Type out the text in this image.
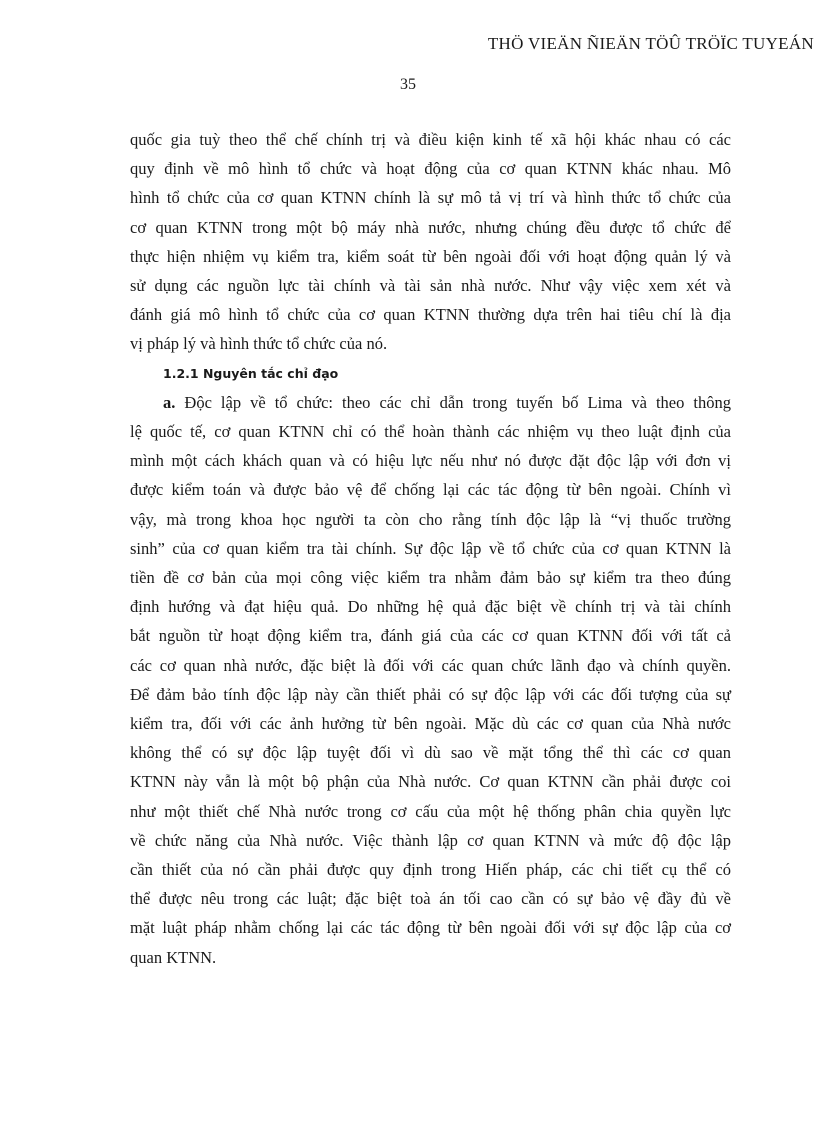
THÖ VIEÄN ÑIEÄN TÖÛ TRÖÏC TUYEÁN
35
quốc gia tuỳ theo thể chế chính trị và điều kiện kinh tế xã hội khác nhau có các
quy định về mô hình tổ chức và hoạt động của cơ quan KTNN khác nhau. Mô
hình tổ chức của cơ quan KTNN chính là sự mô tả vị trí và hình thức tổ chức của
cơ quan KTNN trong một bộ máy nhà nước, nhưng chúng đều được tổ chức để
thực hiện nhiệm vụ kiểm tra, kiểm soát từ bên ngoài đối với hoạt động quản lý và
sử dụng các nguồn lực tài chính và tài sản nhà nước. Như vậy việc xem xét và
đánh giá mô hình tổ chức của cơ quan KTNN thường dựa trên hai tiêu chí là địa
vị pháp lý và hình thức tổ chức của nó.
1.2.1 Nguyên tắc chỉ đạo
a. Độc lập về tổ chức: theo các chỉ dẫn trong tuyến bố Lima và theo thông
lệ quốc tế, cơ quan KTNN chỉ có thể hoàn thành các nhiệm vụ theo luật định của
mình một cách khách quan và có hiệu lực nếu như nó được đặt độc lập với đơn vị
được kiểm toán và được bảo vệ để chống lại các tác động từ bên ngoài. Chính vì
vậy, mà trong khoa học người ta còn cho rằng tính độc lập là “vị thuốc trường
sinh” của cơ quan kiểm tra tài chính. Sự độc lập về tổ chức của cơ quan KTNN là
tiền đề cơ bản của mọi công việc kiểm tra nhằm đảm bảo sự kiểm tra theo đúng
định hướng và đạt hiệu quả. Do những hệ quả đặc biệt về chính trị và tài chính
bắt nguồn từ hoạt động kiểm tra, đánh giá của các cơ quan KTNN đối với tất cả
các cơ quan nhà nước, đặc biệt là đối với các quan chức lãnh đạo và chính quyền.
Để đảm bảo tính độc lập này cần thiết phải có sự độc lập với các đối tượng của sự
kiểm tra, đối với các ảnh hưởng từ bên ngoài. Mặc dù các cơ quan của Nhà nước
không thể có sự độc lập tuyệt đối vì dù sao về mặt tổng thể thì các cơ quan
KTNN này vẫn là một bộ phận của Nhà nước. Cơ quan KTNN cần phải được coi
như một thiết chế Nhà nước trong cơ cấu của một hệ thống phân chia quyền lực
về chức năng của Nhà nước. Việc thành lập cơ quan KTNN và mức độ độc lập
cần thiết của nó cần phải được quy định trong Hiến pháp, các chi tiết cụ thể có
thể được nêu trong các luật; đặc biệt toà án tối cao cần có sự bảo vệ đầy đủ về
mặt luật pháp nhằm chống lại các tác động từ bên ngoài đối với sự độc lập của cơ
quan KTNN.
